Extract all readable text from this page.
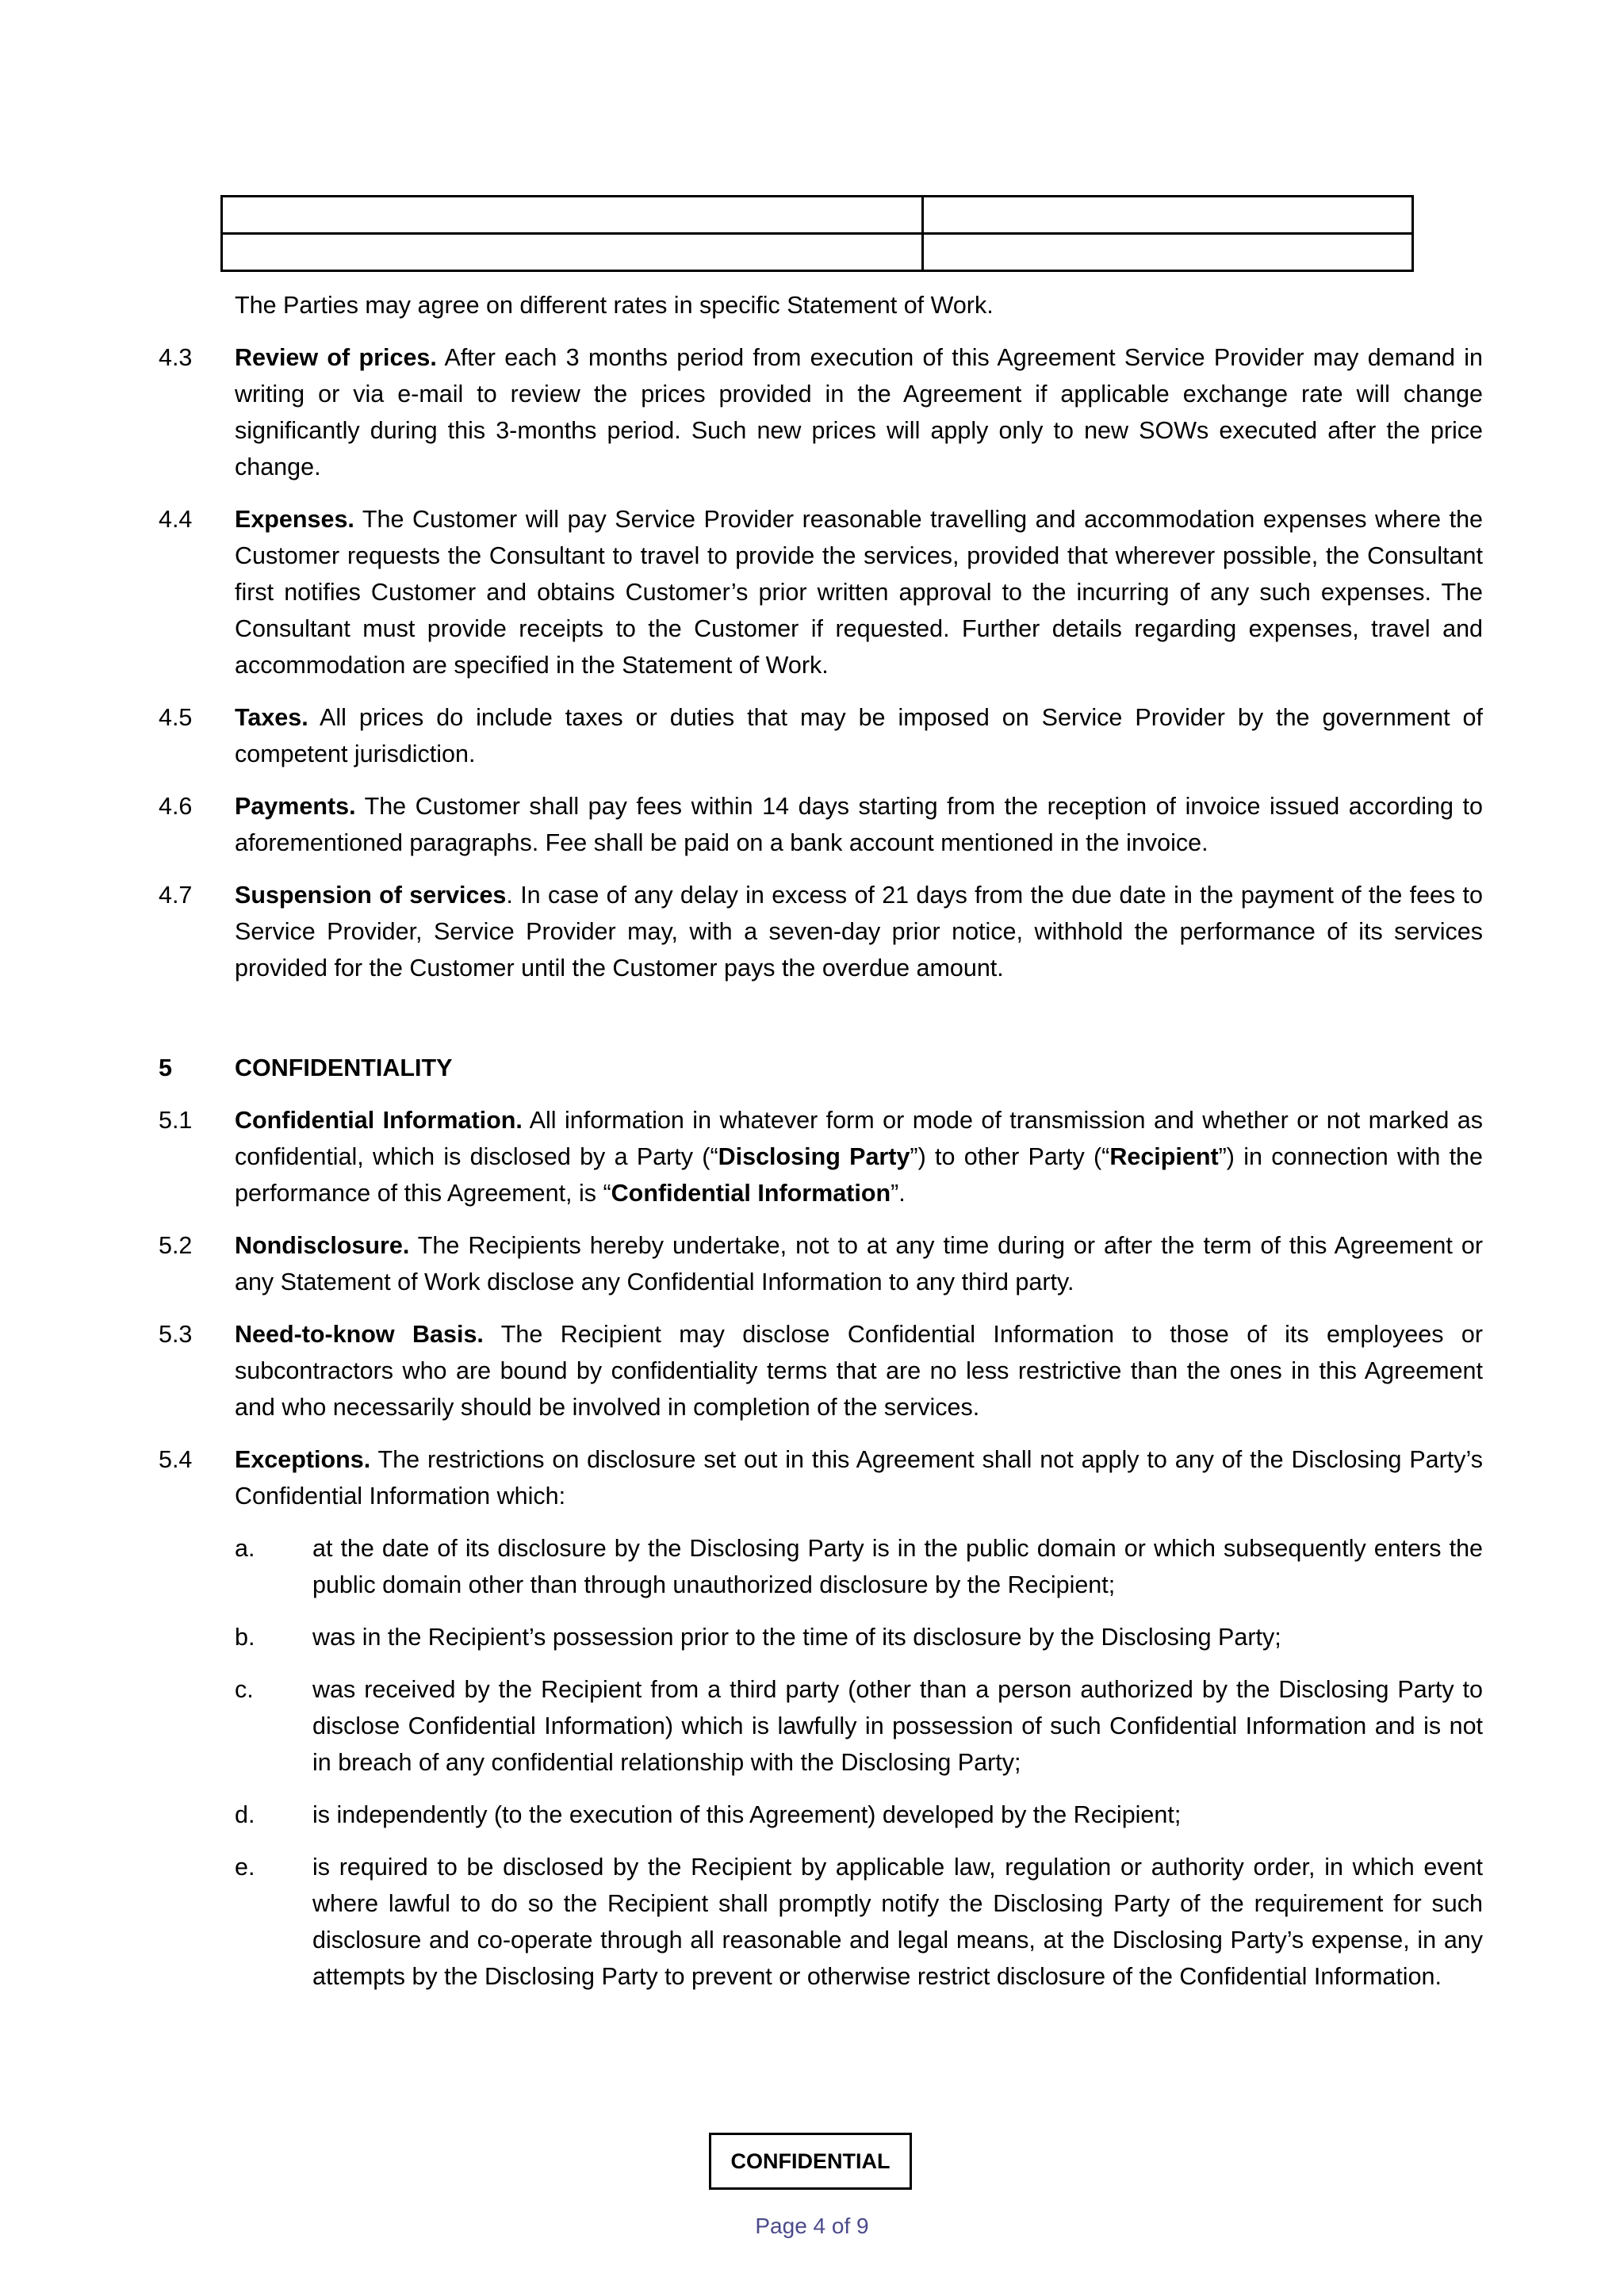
The Parties may agree on different rates in specific Statement of Work.
4.3	Review of prices. After each 3 months period from execution of this Agreement Service Provider may demand in writing or via e-mail to review the prices provided in the Agreement if applicable exchange rate will change significantly during this 3-months period. Such new prices will apply only to new SOWs executed after the price change.
4.4	Expenses. The Customer will pay Service Provider reasonable travelling and accommodation expenses where the Customer requests the Consultant to travel to provide the services, provided that wherever possible, the Consultant first notifies Customer and obtains Customer’s prior written approval to the incurring of any such expenses. The Consultant must provide receipts to the Customer if requested. Further details regarding expenses, travel and accommodation are specified in the Statement of Work.
4.5	Taxes. All prices do include taxes or duties that may be imposed on Service Provider by the government of competent jurisdiction.
4.6	Payments. The Customer shall pay fees within 14 days starting from the reception of invoice issued according to aforementioned paragraphs. Fee shall be paid on a bank account mentioned in the invoice.
4.7	Suspension of services. In case of any delay in excess of 21 days from the due date in the payment of the fees to Service Provider, Service Provider may, with a seven-day prior notice, withhold the performance of its services provided for the Customer until the Customer pays the overdue amount.
5	CONFIDENTIALITY
5.1	Confidential Information. All information in whatever form or mode of transmission and whether or not marked as confidential, which is disclosed by a Party (“Disclosing Party”) to other Party (“Recipient”) in connection with the performance of this Agreement, is “Confidential Information”.
5.2	Nondisclosure. The Recipients hereby undertake, not to at any time during or after the term of this Agreement or any Statement of Work disclose any Confidential Information to any third party.
5.3	Need-to-know Basis. The Recipient may disclose Confidential Information to those of its employees or subcontractors who are bound by confidentiality terms that are no less restrictive than the ones in this Agreement and who necessarily should be involved in completion of the services.
5.4	Exceptions. The restrictions on disclosure set out in this Agreement shall not apply to any of the Disclosing Party’s Confidential Information which:
a.	at the date of its disclosure by the Disclosing Party is in the public domain or which subsequently enters the public domain other than through unauthorized disclosure by the Recipient;
b.	was in the Recipient’s possession prior to the time of its disclosure by the Disclosing Party;
c.	was received by the Recipient from a third party (other than a person authorized by the Disclosing Party to disclose Confidential Information) which is lawfully in possession of such Confidential Information and is not in breach of any confidential relationship with the Disclosing Party;
d.	is independently (to the execution of this Agreement) developed by the Recipient;
e.	is required to be disclosed by the Recipient by applicable law, regulation or authority order, in which event where lawful to do so the Recipient shall promptly notify the Disclosing Party of the requirement for such disclosure and co-operate through all reasonable and legal means, at the Disclosing Party’s expense, in any attempts by the Disclosing Party to prevent or otherwise restrict disclosure of the Confidential Information.
CONFIDENTIAL
Page 4 of 9
